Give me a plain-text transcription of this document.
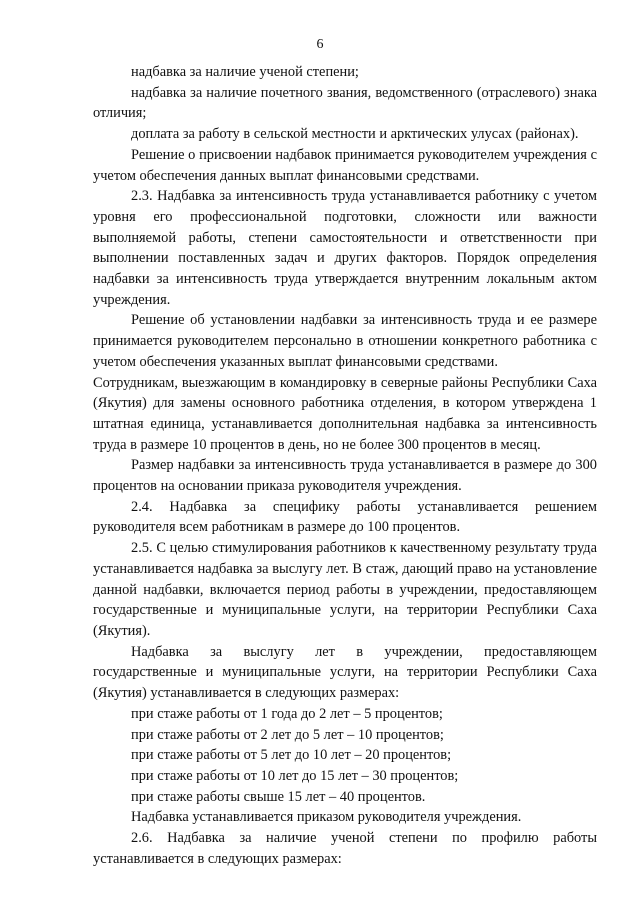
6

надбавка за наличие ученой степени;

надбавка за наличие почетного звания, ведомственного (отраслевого) знака отличия;

доплата за работу в сельской местности и арктических улусах (районах).

Решение о присвоении надбавок принимается руководителем учреждения с учетом обеспечения данных выплат финансовыми средствами.

2.3. Надбавка за интенсивность труда устанавливается работнику с учетом уровня его профессиональной подготовки, сложности или важности выполняемой работы, степени самостоятельности и ответственности при выполнении поставленных задач и других факторов. Порядок определения надбавки за интенсивность труда утверждается внутренним локальным актом учреждения.

Решение об установлении надбавки за интенсивность труда и ее размере принимается руководителем персонально в отношении конкретного работника с учетом обеспечения указанных выплат финансовыми средствами.

Сотрудникам, выезжающим в командировку в северные районы Республики Саха (Якутия) для замены основного работника отделения, в котором утверждена 1 штатная единица, устанавливается дополнительная надбавка за интенсивность труда в размере 10 процентов в день, но не более 300 процентов в месяц.

Размер надбавки за интенсивность труда устанавливается в размере до 300 процентов на основании приказа руководителя учреждения.

2.4. Надбавка за специфику работы устанавливается решением руководителя всем работникам в размере до 100 процентов.

2.5. С целью стимулирования работников к качественному результату труда устанавливается надбавка за выслугу лет. В стаж, дающий право на установление данной надбавки, включается период работы в учреждении, предоставляющем государственные и муниципальные услуги, на территории Республики Саха (Якутия).

Надбавка за выслугу лет в учреждении, предоставляющем государственные и муниципальные услуги, на территории Республики Саха (Якутия) устанавливается в следующих размерах:

при стаже работы от 1 года до 2 лет – 5 процентов;

при стаже работы от 2 лет до 5 лет – 10 процентов;

при стаже работы от 5 лет до 10 лет – 20 процентов;

при стаже работы от 10 лет до 15 лет – 30 процентов;

при стаже работы свыше 15 лет – 40 процентов.

Надбавка устанавливается приказом руководителя учреждения.

2.6. Надбавка за наличие ученой степени по профилю работы устанавливается в следующих размерах:
